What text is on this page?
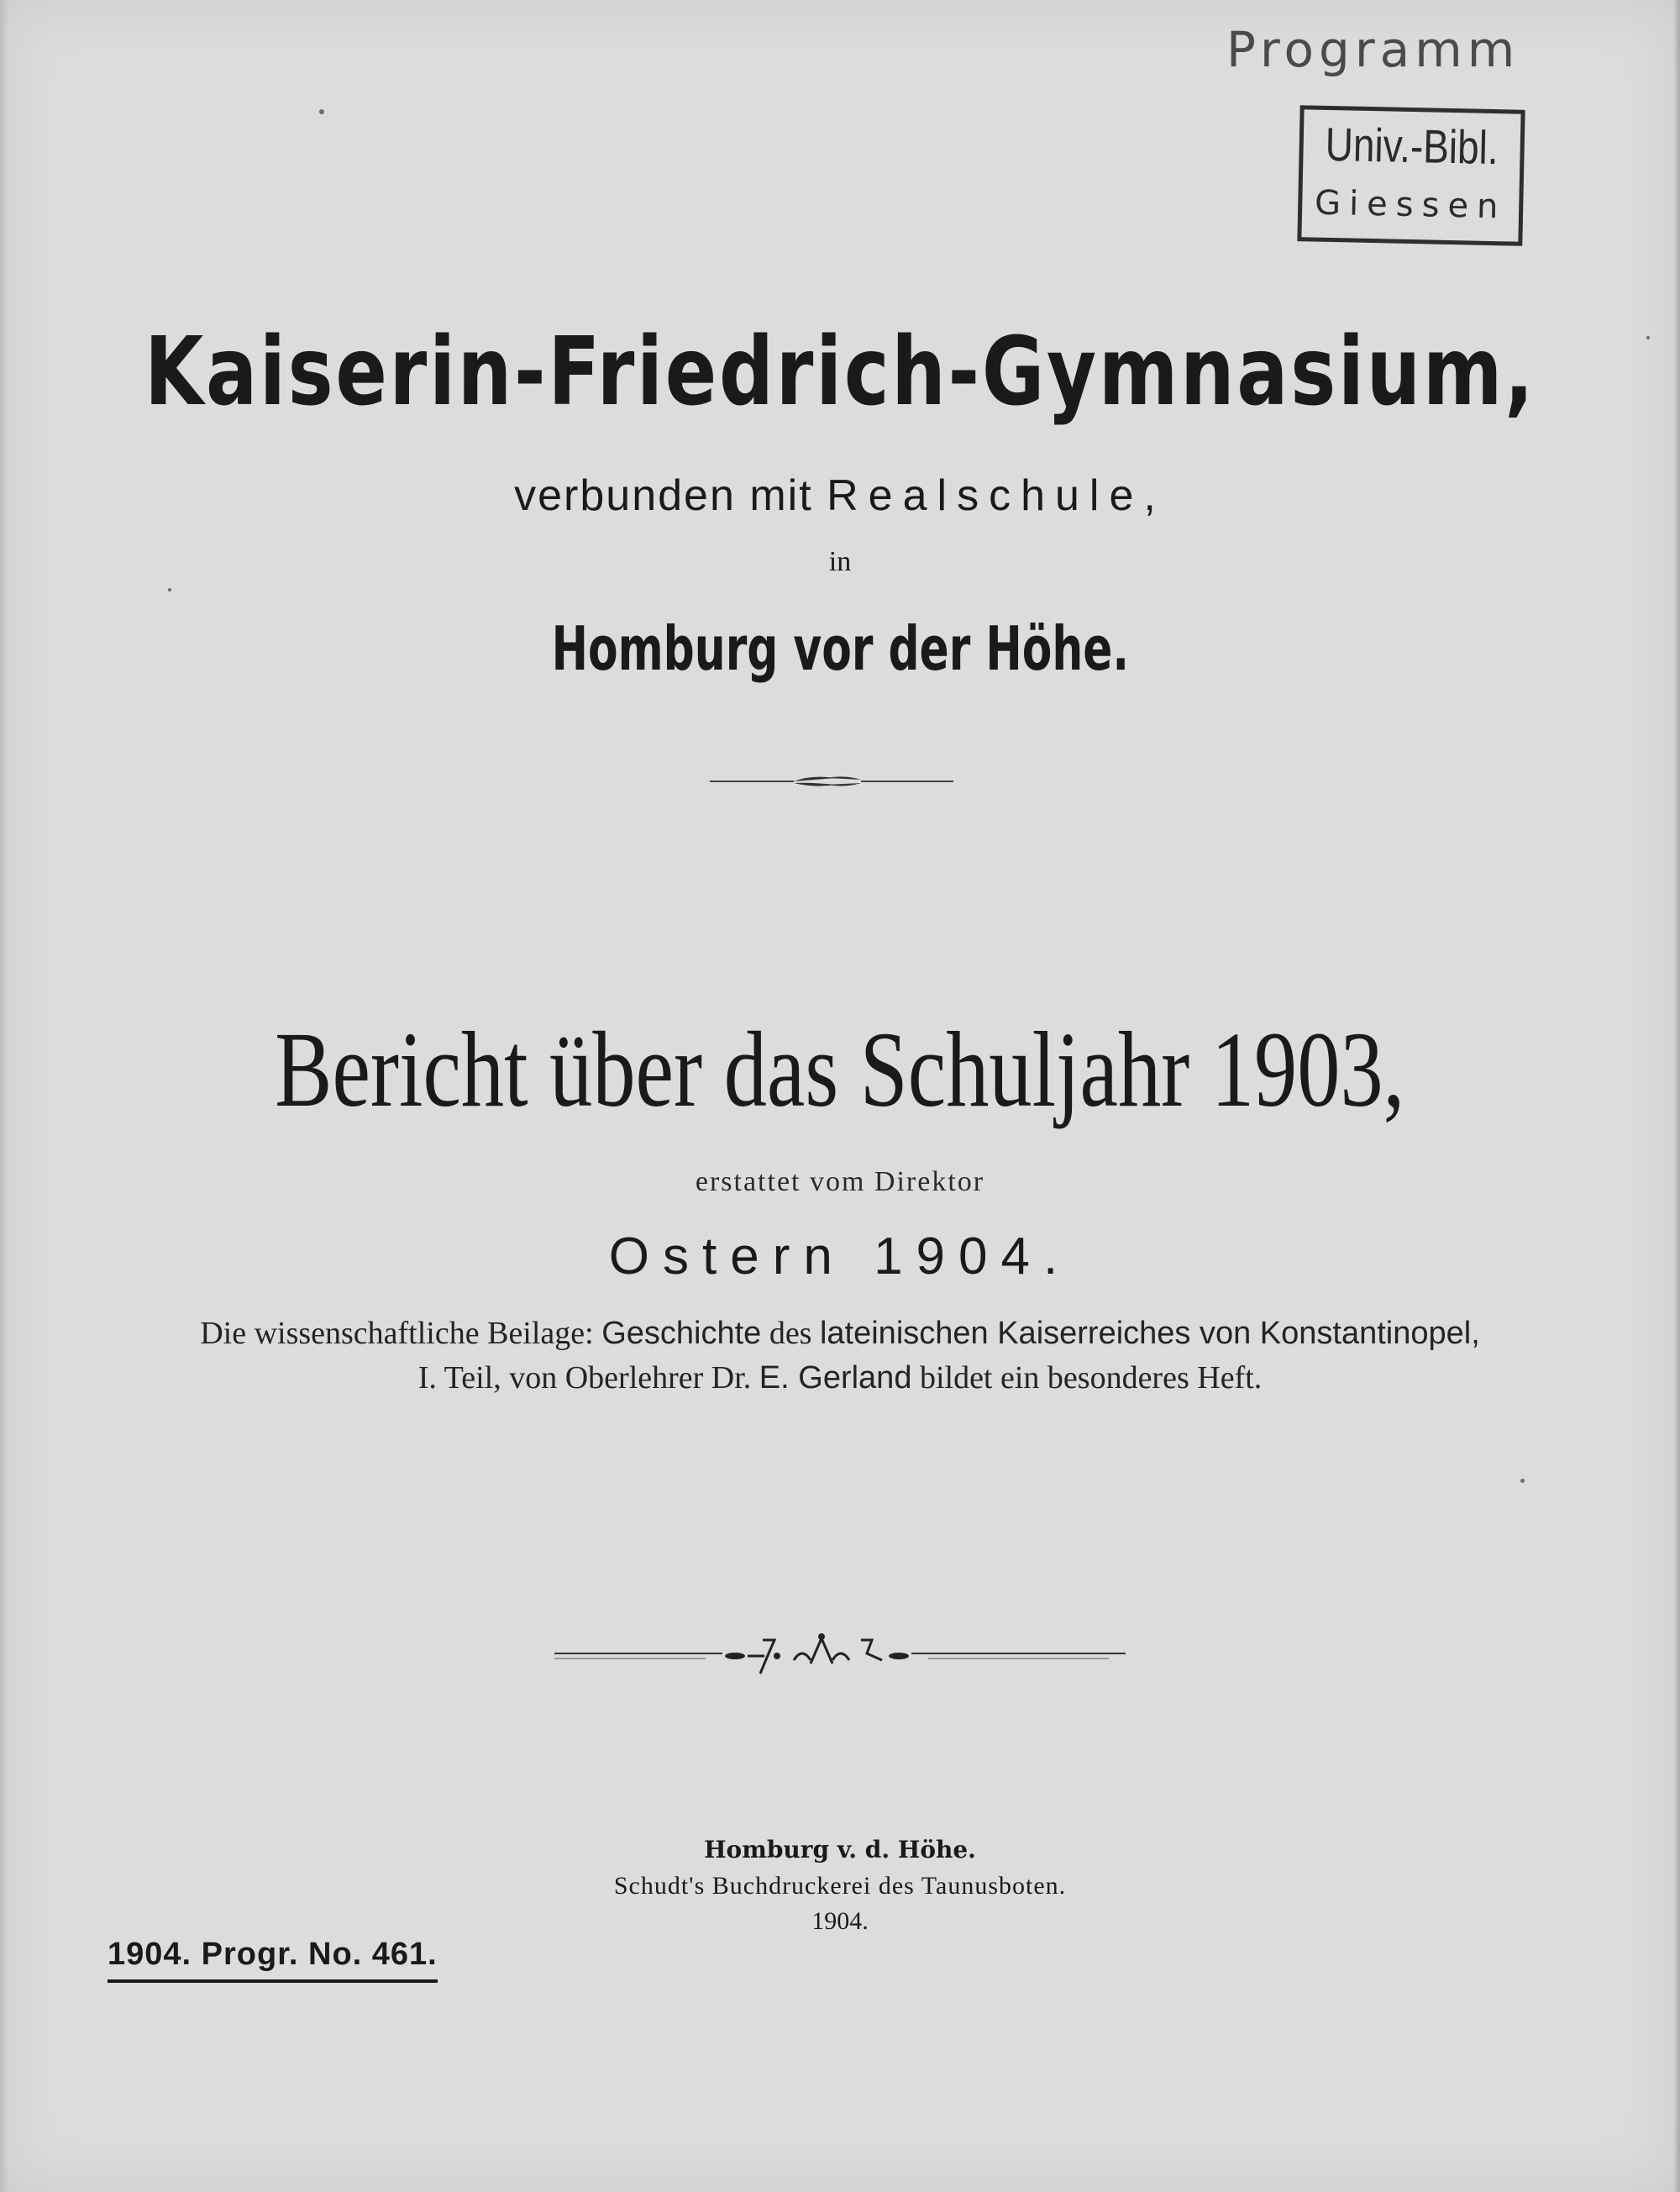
Programm
Univ.-Bibl.
Giessen
Kaiserin-Friedrich-Gymnasium,
verbunden mit Realschule,
in
Homburg vor der Höhe.
Bericht über das Schuljahr 1903,
erstattet vom Direktor
Ostern 1904.
Die wissenschaftliche Beilage: Geschichte des lateinischen Kaiserreiches von Konstantinopel,
I. Teil, von Oberlehrer Dr. E. Gerland bildet ein besonderes Heft.
Homburg v. d. Höhe.
Schudt's Buchdruckerei des Taunusboten.
1904.
1904. Progr. No. 461.
